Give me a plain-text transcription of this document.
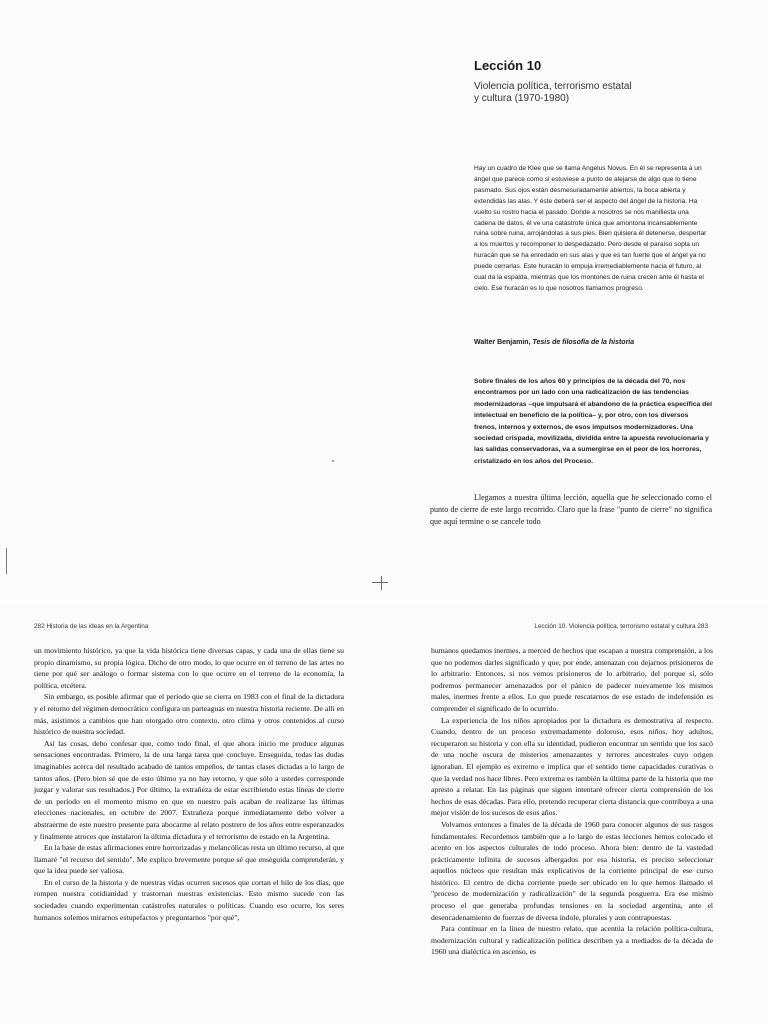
Lección 10
Violencia política, terrorismo estatal
y cultura (1970-1980)
Hay un cuadro de Klee que se llama Angelus Novus. En él se representa a un ángel que parece como si estuviese a punto de alejarse de algo que lo tiene pasmado. Sus ojos están desmesuradamente abiertos, la boca abierta y extendidas las alas. Y éste deberá ser el aspecto del ángel de la historia. Ha vuelto su rostro hacia el pasado. Donde a nosotros se nos manifiesta una cadena de datos, él ve una catástrofe única que amontona incansablemente ruina sobre ruina, arrojándolas a sus pies. Bien quisiera él detenerse, despertar a los muertos y recomponer lo despedazado. Pero desde el paraíso sopla un huracán que se ha enredado en sus alas y que es tan fuerte que el ángel ya no puede cerrarlas. Este huracán lo empuja irremediablemente hacia el futuro, al cual da la espalda, mientras que los montones de ruina crecen ante él hasta el cielo. Ese huracán es lo que nosotros llamamos progreso.
Walter Benjamin, Tesis de filosofía de la historia
Sobre finales de los años 60 y principios de la década del 70, nos encontramos por un lado con una radicalización de las tendencias modernizadoras –que impulsará el abandono de la práctica específica del intelectual en beneficio de la política– y, por otro, con los diversos frenos, internos y externos, de esos impulsos modernizadores. Una sociedad crispada, movilizada, dividida entre la apuesta revolucionaria y las salidas conservadoras, va a sumergirse en el peor de los horrores, cristalizado en los años del Proceso.

Llegamos a nuestra última lección, aquella que he seleccionado como el punto de cierre de este largo recorrido. Claro que la frase "punto de cierre" no significa que aquí termine o se cancele todo

282 Historia de las ideas en la Argentina	Lección 10. Violencia política, terrorismo estatal y cultura 283

un movimiento histórico, ya que la vida histórica tiene diversas capas, y cada una de ellas tiene su propio dinamismo, su propia lógica. Dicho de otro modo, lo que ocurre en el terreno de las artes no tiene por qué ser análogo o formar sistema con lo que ocurre en el terreno de la economía, la política, etcétera.

Sin embargo, es posible afirmar que el período que se cierra en 1983 con el final de la dictadura y el retorno del régimen democrático configura un parteaguas en nuestra historia reciente. De allí en más, asistimos a cambios que han otorgado otro contexto, otro clima y otros contenidos al curso histórico de nuestra sociedad.

Así las cosas, debo confesar que, como todo final, el que ahora inicio me produce algunas sensaciones encontradas. Primero, la de una larga tarea que concluye. Enseguida, todas las dudas imaginables acerca del resultado acabado de tantos empeños, de tantas clases dictadas a lo largo de tantos años. (Pero bien sé que de esto último ya no hay retorno, y que sólo a ustedes corresponde juzgar y valorar sus resultados.) Por último, la extrañeza de estar escribiendo estas líneas de cierre de un período en el momento mismo en que en nuestro país acaban de realizarse las últimas elecciones nacionales, en octubre de 2007. Extrañeza porque inmediatamente debo volver a abstraerme de este nuestro presente para abocarme al relato postrero de los años entre esperanzados y finalmente atroces que instalaron la última dictadura y el terrorismo de estado en la Argentina.

En la base de estas afirmaciones entre horrorizadas y melancólicas resta un último recurso, al que llamaré "el recurso del sentido". Me explico brevemente porque sé que enseguida comprenderán, y que la idea puede ser valiosa.

En el curso de la historia y de nuestras vidas ocurren sucesos que cortan el hilo de los días, que rompen nuestra cotidianidad y trastornan nuestras existencias. Esto mismo sucede con las sociedades cuando experimentan catástrofes naturales o políticas. Cuando eso ocurre, los seres humanos solemos mirarnos estupefactos y preguntarnos "por qué",

humanos quedamos inermes, a merced de hechos que escapan a nuestra comprensión, a los que no podemos darles significado y que, por ende, amenazan con dejarnos prisioneros de lo arbitrario. Entonces, si nos vemos prisioneros de lo arbitrario, del porque sí, sólo podremos permanecer amenazados por el pánico de padecer nuevamente los mismos males, inermes frente a ellos. Lo que puede rescatarnos de ese estado de indefensión es comprender el significado de lo ocurrido.

La experiencia de los niños apropiados por la dictadura es demostrativa al respecto. Cuando, dentro de un proceso extremadamente doloroso, esos niños, hoy adultos, recuperaron su historia y con ella su identidad, pudieron encontrar un sentido que los sacó de una noche oscura de misterios amenazantes y terrores ancestrales cuyo origen ignoraban. El ejemplo es extremo e implica que el sentido tiene capacidades curativas o que la verdad nos hace libres. Pero extrema es también la última parte de la historia que me apresto a relatar. En las páginas que siguen intentaré ofrecer cierta comprensión de los hechos de esas décadas. Para ello, pretendo recuperar cierta distancia que contribuya a una mejor visión de los sucesos de esos años.

Volvamos entonces a finales de la década de 1960 para conocer algunos de sus rasgos fundamentales. Recordemos también que a lo largo de estas lecciones hemos colocado el acento en los aspectos culturales de todo proceso. Ahora bien: dentro de la vastedad prácticamente infinita de sucesos albergados por esa historia, es preciso seleccionar aquellos núcleos que resultan más explicativos de la corriente principal de ese curso histórico. El centro de dicha corriente puede ser ubicado en lo que hemos llamado el "proceso de modernización y radicalización" de la segunda posguerra. Era ese mismo proceso el que generaba profundas tensiones en la sociedad argentina, ante el desencadenamiento de fuerzas de diversa índole, plurales y aun contrapuestas.

Para continuar en la línea de nuestro relato, que acentúa la relación política-cultura, modernización cultural y radicalización política describen ya a mediados de la década de 1960 una dialéctica en ascenso, es
